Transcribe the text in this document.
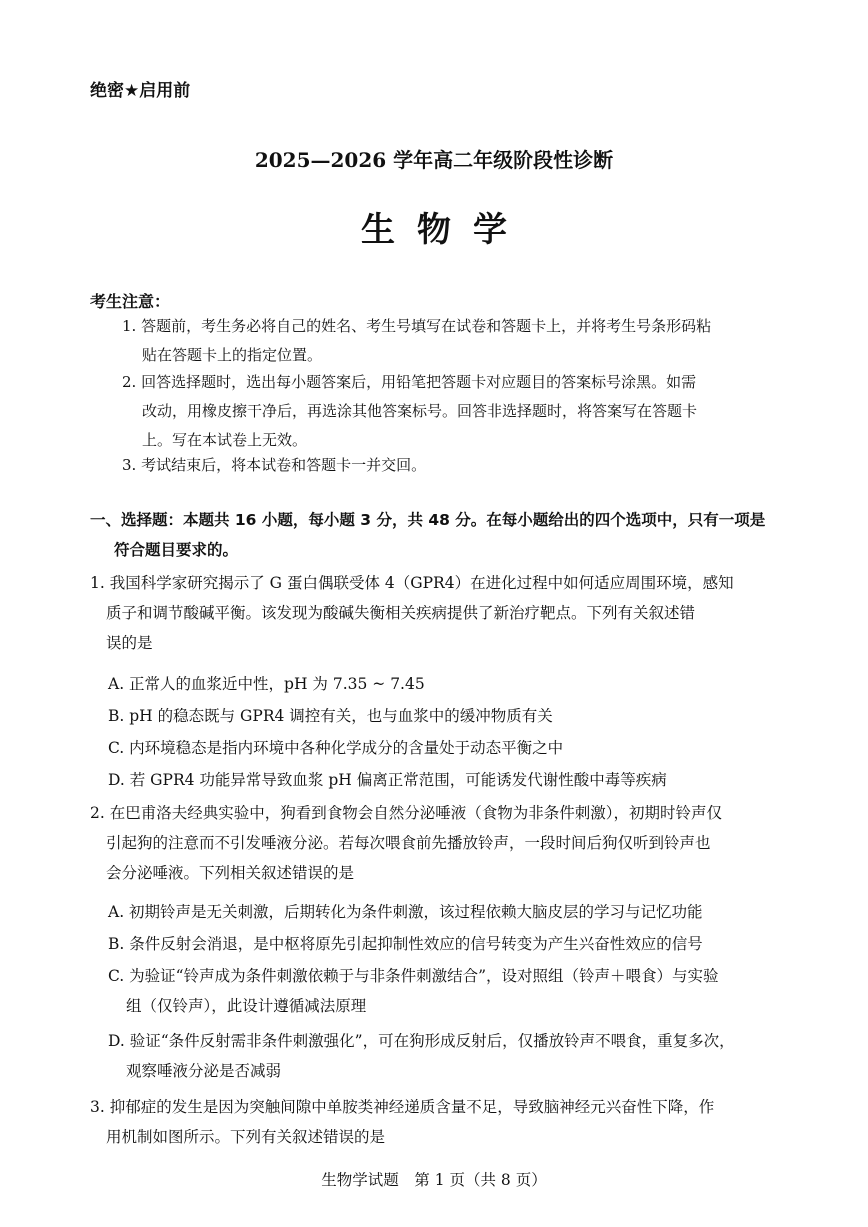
绝密★启用前
2025—2026 学年高二年级阶段性诊断
生物学
考生注意：
1. 答题前，考生务必将自己的姓名、考生号填写在试卷和答题卡上，并将考生号条形码粘
贴在答题卡上的指定位置。
2. 回答选择题时，选出每小题答案后，用铅笔把答题卡对应题目的答案标号涂黑。如需
改动，用橡皮擦干净后，再选涂其他答案标号。回答非选择题时，将答案写在答题卡
上。写在本试卷上无效。
3. 考试结束后，将本试卷和答题卡一并交回。
一、选择题：本题共 16 小题，每小题 3 分，共 48 分。在每小题给出的四个选项中，只有一项是
符合题目要求的。
1. 我国科学家研究揭示了 G 蛋白偶联受体 4（GPR4）在进化过程中如何适应周围环境，感知
质子和调节酸碱平衡。该发现为酸碱失衡相关疾病提供了新治疗靶点。下列有关叙述错
误的是
A. 正常人的血浆近中性，pH 为 7.35 ~ 7.45
B. pH 的稳态既与 GPR4 调控有关，也与血浆中的缓冲物质有关
C. 内环境稳态是指内环境中各种化学成分的含量处于动态平衡之中
D. 若 GPR4 功能异常导致血浆 pH 偏离正常范围，可能诱发代谢性酸中毒等疾病
2. 在巴甫洛夫经典实验中，狗看到食物会自然分泌唾液（食物为非条件刺激），初期时铃声仅
引起狗的注意而不引发唾液分泌。若每次喂食前先播放铃声，一段时间后狗仅听到铃声也
会分泌唾液。下列相关叙述错误的是
A. 初期铃声是无关刺激，后期转化为条件刺激，该过程依赖大脑皮层的学习与记忆功能
B. 条件反射会消退，是中枢将原先引起抑制性效应的信号转变为产生兴奋性效应的信号
C. 为验证“铃声成为条件刺激依赖于与非条件刺激结合”，设对照组（铃声＋喂食）与实验
组（仅铃声），此设计遵循减法原理
D. 验证“条件反射需非条件刺激强化”，可在狗形成反射后，仅播放铃声不喂食，重复多次，
观察唾液分泌是否减弱
3. 抑郁症的发生是因为突触间隙中单胺类神经递质含量不足，导致脑神经元兴奋性下降，作
用机制如图所示。下列有关叙述错误的是
生物学试题　第 1 页（共 8 页）
